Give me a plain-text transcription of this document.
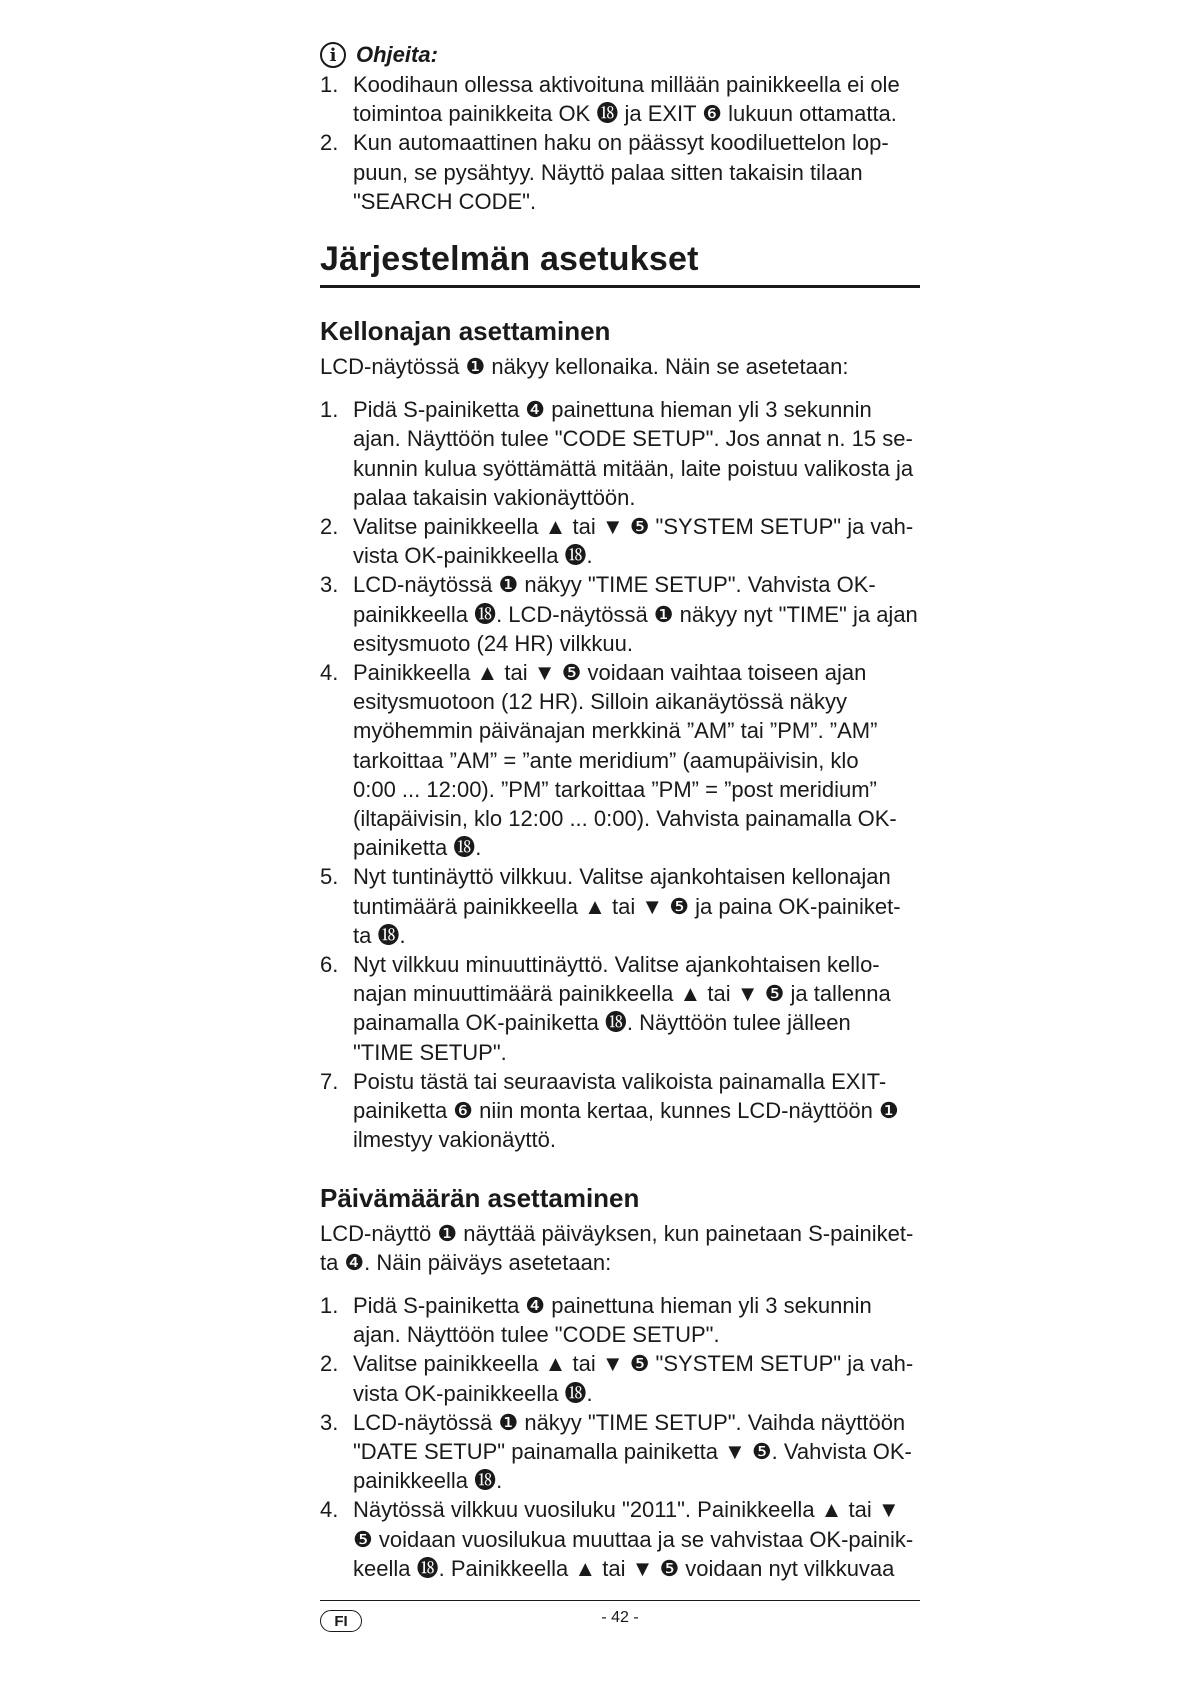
i Ohjeita:
1. Koodihaun ollessa aktivoituna millään painikkeella ei ole
toimintoa painikkeita OK ⓲ ja EXIT ❻ lukuun ottamatta.
2. Kun automaattinen haku on päässyt koodiluettelon lop-
puun, se pysähtyy. Näyttö palaa sitten takaisin tilaan
"SEARCH CODE".
Järjestelmän asetukset
Kellonajan asettaminen
LCD-näytössä ❶ näkyy kellonaika. Näin se asetetaan:
1. Pidä S-painiketta ❹ painettuna hieman yli 3 sekunnin
ajan. Näyttöön tulee "CODE SETUP". Jos annat n. 15 se-
kunnin kulua syöttämättä mitään, laite poistuu valikosta ja
palaa takaisin vakionäyttöön.
2. Valitse painikkeella ▲ tai ▼ ❺ "SYSTEM SETUP" ja vah-
vista OK-painikkeella ⓲.
3. LCD-näytössä ❶ näkyy "TIME SETUP". Vahvista OK-
painikkeella ⓲. LCD-näytössä ❶ näkyy nyt "TIME" ja ajan
esitysmuoto (24 HR) vilkkuu.
4. Painikkeella ▲ tai ▼ ❺ voidaan vaihtaa toiseen ajan
esitysmuotoon (12 HR). Silloin aikanäytössä näkyy
myöhemmin päivänajan merkkinä ”AM” tai ”PM”. ”AM”
tarkoittaa ”AM” = ”ante meridium” (aamupäivisin, klo
0:00 ... 12:00). ”PM” tarkoittaa ”PM” = ”post meridium”
(iltapäivisin, klo 12:00 ... 0:00). Vahvista painamalla OK-
painiketta ⓲.
5. Nyt tuntinäyttö vilkkuu. Valitse ajankohtaisen kellonajan
tuntimäärä painikkeella ▲ tai ▼ ❺ ja paina OK-painiket-
ta ⓲.
6. Nyt vilkkuu minuuttinäyttö. Valitse ajankohtaisen kello-
najan minuuttimäärä painikkeella ▲ tai ▼ ❺ ja tallenna
painamalla OK-painiketta ⓲. Näyttöön tulee jälleen
"TIME SETUP".
7. Poistu tästä tai seuraavista valikoista painamalla EXIT-
painiketta ❻ niin monta kertaa, kunnes LCD-näyttöön ❶
ilmestyy vakionäyttö.
Päivämäärän asettaminen
LCD-näyttö ❶ näyttää päiväyksen, kun painetaan S-painiket-
ta ❹. Näin päiväys asetetaan:
1. Pidä S-painiketta ❹ painettuna hieman yli 3 sekunnin
ajan. Näyttöön tulee "CODE SETUP".
2. Valitse painikkeella ▲ tai ▼ ❺ "SYSTEM SETUP" ja vah-
vista OK-painikkeella ⓲.
3. LCD-näytössä ❶ näkyy "TIME SETUP". Vaihda näyttöön
"DATE SETUP" painamalla painiketta ▼ ❺. Vahvista OK-
painikkeella ⓲.
4. Näytössä vilkkuu vuosiluku "2011". Painikkeella ▲ tai ▼
❺ voidaan vuosilukua muuttaa ja se vahvistaa OK-painik-
keella ⓲. Painikkeella ▲ tai ▼ ❺ voidaan nyt vilkkuvaa
FI	- 42 -
